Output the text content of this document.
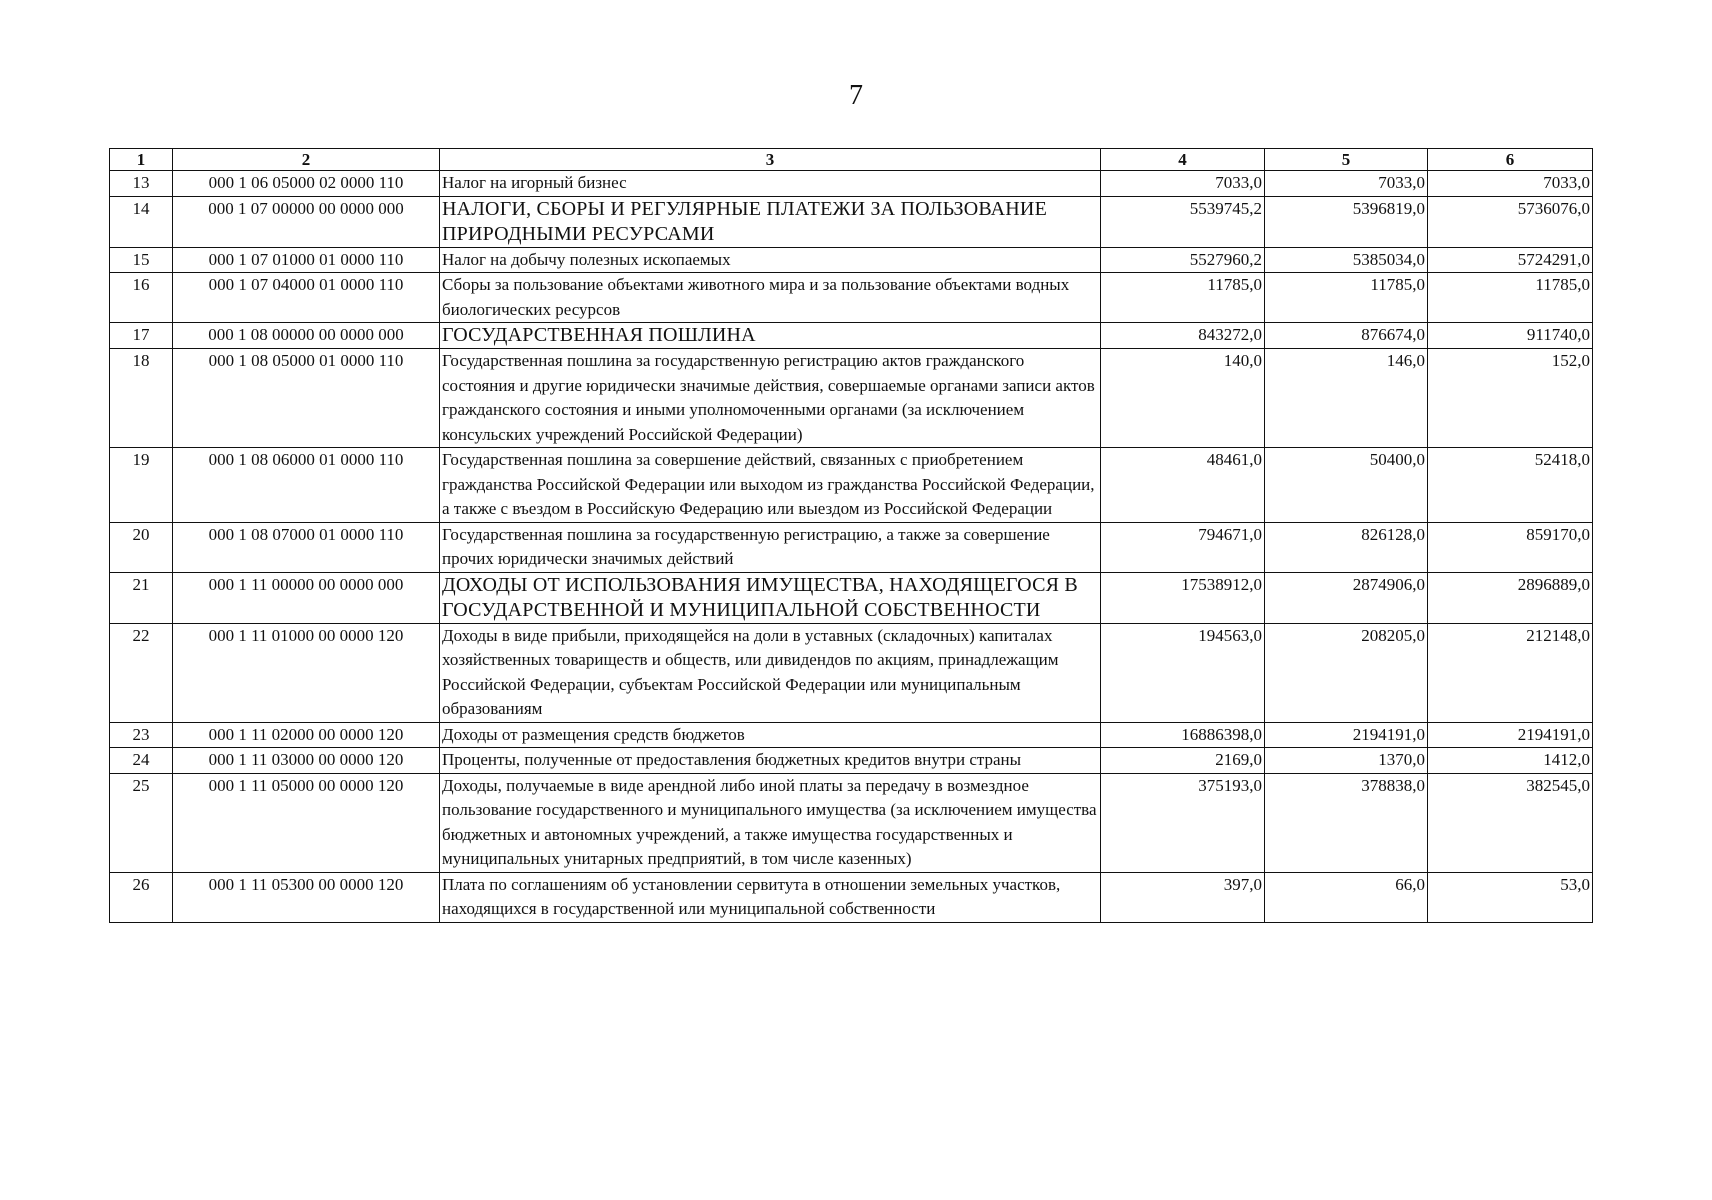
7
1	2	3	4	5	6
13	000 1 06 05000 02 0000 110	Налог на игорный бизнес	7033,0	7033,0	7033,0
14	000 1 07 00000 00 0000 000	НАЛОГИ, СБОРЫ И РЕГУЛЯРНЫЕ ПЛАТЕЖИ ЗА ПОЛЬЗОВАНИЕ ПРИРОДНЫМИ РЕСУРСАМИ	5539745,2	5396819,0	5736076,0
15	000 1 07 01000 01 0000 110	Налог на добычу полезных ископаемых	5527960,2	5385034,0	5724291,0
16	000 1 07 04000 01 0000 110	Сборы за пользование объектами животного мира и за пользование объектами водных биологических ресурсов	11785,0	11785,0	11785,0
17	000 1 08 00000 00 0000 000	ГОСУДАРСТВЕННАЯ ПОШЛИНА	843272,0	876674,0	911740,0
18	000 1 08 05000 01 0000 110	Государственная пошлина за государственную регистрацию актов гражданского состояния и другие юридически значимые действия, совершаемые органами записи актов гражданского состояния и иными уполномоченными органами (за исключением консульских учреждений Российской Федерации)	140,0	146,0	152,0
19	000 1 08 06000 01 0000 110	Государственная пошлина за совершение действий, связанных с приобретением гражданства Российской Федерации или выходом из гражданства Российской Федерации, а также с въездом в Российскую Федерацию или выездом из Российской Федерации	48461,0	50400,0	52418,0
20	000 1 08 07000 01 0000 110	Государственная пошлина за государственную регистрацию, а также за совершение прочих юридически значимых действий	794671,0	826128,0	859170,0
21	000 1 11 00000 00 0000 000	ДОХОДЫ ОТ ИСПОЛЬЗОВАНИЯ ИМУЩЕСТВА, НАХОДЯЩЕГОСЯ В ГОСУДАРСТВЕННОЙ И МУНИЦИПАЛЬНОЙ СОБСТВЕННОСТИ	17538912,0	2874906,0	2896889,0
22	000 1 11 01000 00 0000 120	Доходы в виде прибыли, приходящейся на доли в уставных (складочных) капиталах хозяйственных товариществ и обществ, или дивидендов по акциям, принадлежащим Российской Федерации, субъектам Российской Федерации или муниципальным образованиям	194563,0	208205,0	212148,0
23	000 1 11 02000 00 0000 120	Доходы от размещения средств бюджетов	16886398,0	2194191,0	2194191,0
24	000 1 11 03000 00 0000 120	Проценты, полученные от предоставления бюджетных кредитов внутри страны	2169,0	1370,0	1412,0
25	000 1 11 05000 00 0000 120	Доходы, получаемые в виде арендной либо иной платы за передачу в возмездное пользование государственного и муниципального имущества (за исключением имущества бюджетных и автономных учреждений, а также имущества государственных и муниципальных унитарных предприятий, в том числе казенных)	375193,0	378838,0	382545,0
26	000 1 11 05300 00 0000 120	Плата по соглашениям об установлении сервитута в отношении земельных участков, находящихся в государственной или муниципальной собственности	397,0	66,0	53,0
